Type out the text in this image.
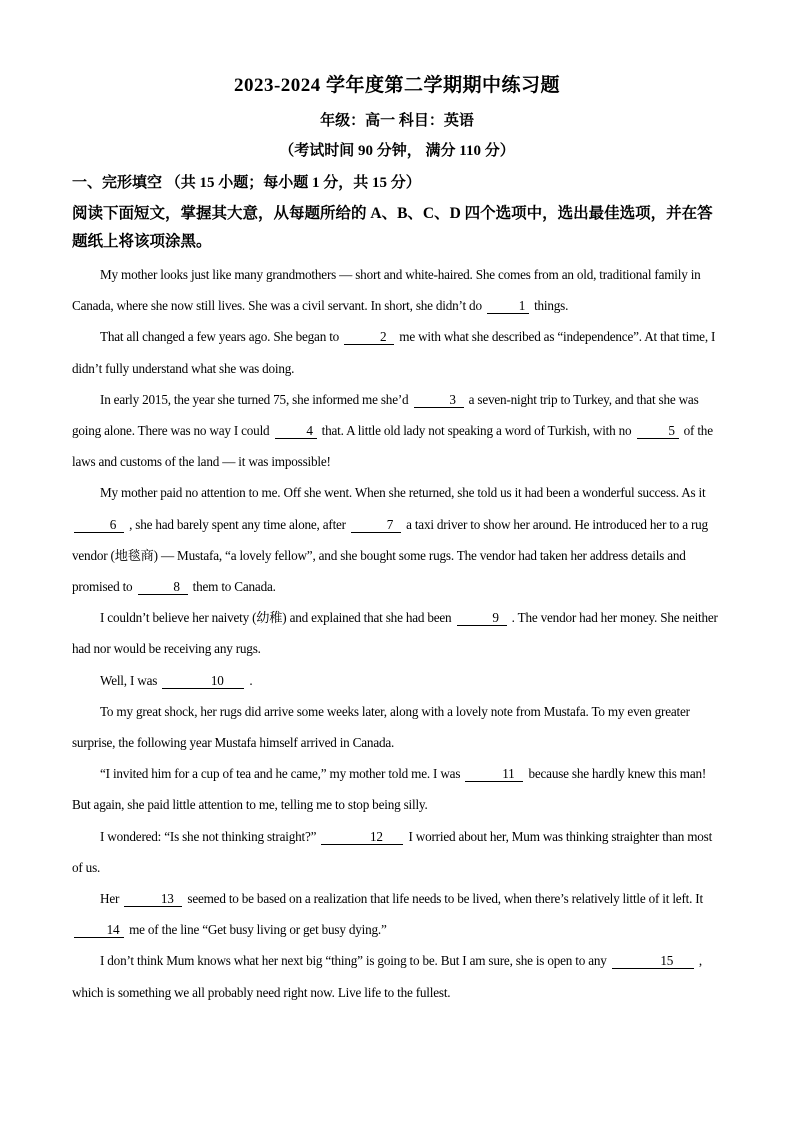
2023-2024 学年度第二学期期中练习题
年级：高一 科目：英语
（考试时间 90 分钟， 满分 110 分）
一、完形填空 （共 15 小题；每小题 1 分，共 15 分）
阅读下面短文，掌握其大意，从每题所给的 A、B、C、D 四个选项中，选出最佳选项，并在答题纸上将该项涂黑。

My mother looks just like many grandmothers — short and white-haired. She comes from an old, traditional family in Canada, where she now still lives. She was a civil servant. In short, she didn’t do	1 things.

That all changed a few years ago. She began to	2 me with what she described as “independence”. At that time, I didn’t fully understand what she was doing.

In early 2015, the year she turned 75, she informed me she’d	3 a seven-night trip to Turkey, and that she was going alone. There was no way I could	4 that. A little old lady not speaking a word of Turkish, with no	5 of the laws and customs of the land — it was impossible!

My mother paid no attention to me. Off she went. When she returned, she told us it had been a wonderful success. As it 6 , she had barely spent any time alone, after	7 a taxi driver to show her around. He introduced her to a rug vendor (地毯商) — Mustafa, “a lovely fellow”, and she bought some rugs. The vendor had taken her address details and promised to	8 them to Canada.

I couldn’t believe her naivety (幼稚) and explained that she had been	9 . The vendor had her money. She neither had nor would be receiving any rugs.

Well, I was	10 .

To my great shock, her rugs did arrive some weeks later, along with a lovely note from Mustafa. To my even greater surprise, the following year Mustafa himself arrived in Canada.

“I invited him for a cup of tea and he came,” my mother told me. I was	11 because she hardly knew this man! But again, she paid little attention to me, telling me to stop being silly.

I wondered: “Is she not thinking straight?”	12 I worried about her, Mum was thinking straighter than most of us.

Her	13 seemed to be based on a realization that life needs to be lived, when there’s relatively little of it left. It 14 me of the line “Get busy living or get busy dying.”

I don’t think Mum knows what her next big “thing” is going to be. But I am sure, she is open to any	15 , which is something we all probably need right now. Live life to the fullest.
